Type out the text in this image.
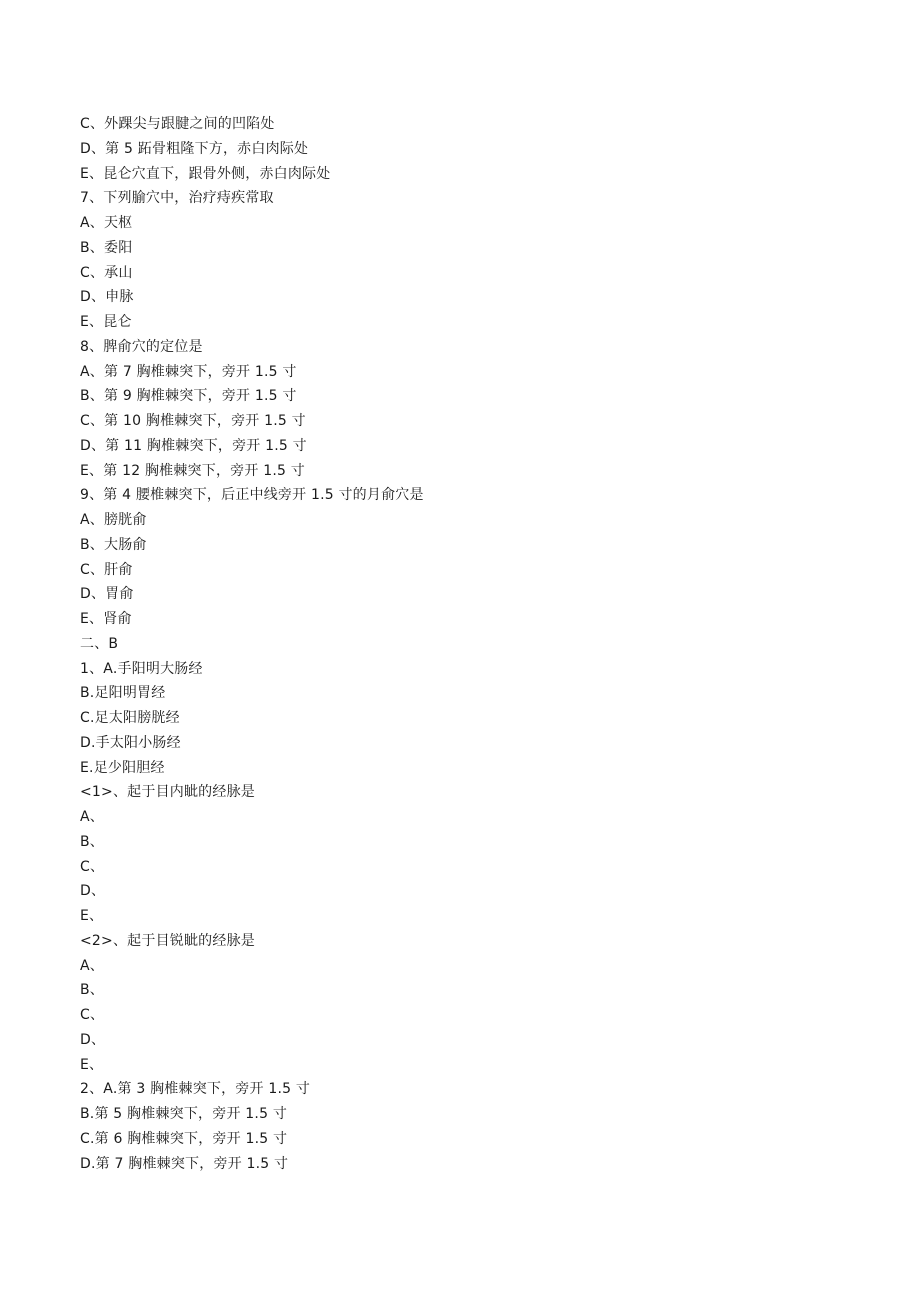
C、外踝尖与跟腱之间的凹陷处
D、第 5 跖骨粗隆下方，赤白肉际处
E、昆仑穴直下，跟骨外侧，赤白肉际处
7、下列腧穴中，治疗痔疾常取
A、天枢
B、委阳
C、承山
D、申脉
E、昆仑
8、脾俞穴的定位是
A、第 7 胸椎棘突下，旁开 1.5 寸
B、第 9 胸椎棘突下，旁开 1.5 寸
C、第 10 胸椎棘突下，旁开 1.5 寸
D、第 11 胸椎棘突下，旁开 1.5 寸
E、第 12 胸椎棘突下，旁开 1.5 寸
9、第 4 腰椎棘突下，后正中线旁开 1.5 寸的月俞穴是
A、膀胱俞
B、大肠俞
C、肝俞
D、胃俞
E、肾俞
二、B
1、A.手阳明大肠经
B.足阳明胃经
C.足太阳膀胱经
D.手太阳小肠经
E.足少阳胆经
<1>、起于目内眦的经脉是
A、
B、
C、
D、
E、
<2>、起于目锐眦的经脉是
A、
B、
C、
D、
E、
2、A.第 3 胸椎棘突下，旁开 1.5 寸
B.第 5 胸椎棘突下，旁开 1.5 寸
C.第 6 胸椎棘突下，旁开 1.5 寸
D.第 7 胸椎棘突下，旁开 1.5 寸
